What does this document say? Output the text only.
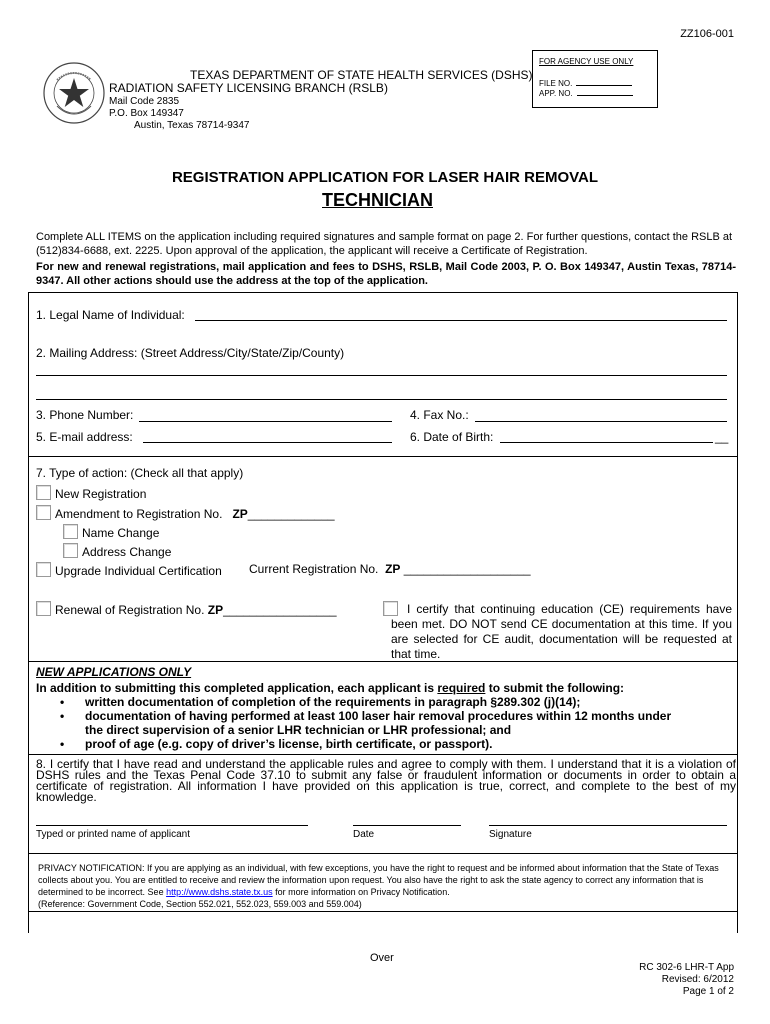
ZZ106-001
FOR AGENCY USE ONLY
FILE NO.
APP. NO.
TEXAS DEPARTMENT OF STATE HEALTH SERVICES (DSHS)
RADIATION SAFETY LICENSING BRANCH (RSLB)
Mail Code 2835
P.O. Box 149347
Austin, Texas 78714-9347
REGISTRATION APPLICATION FOR LASER HAIR REMOVAL
TECHNICIAN
Complete ALL ITEMS on the application including required signatures and sample format on page 2. For further questions, contact the RSLB at (512)834-6688, ext. 2225. Upon approval of the application, the applicant will receive a Certificate of Registration.
For new and renewal registrations, mail application and fees to DSHS, RSLB, Mail Code 2003, P. O. Box 149347, Austin Texas, 78714-9347. All other actions should use the address at the top of the application.
1. Legal Name of Individual:
2. Mailing Address: (Street Address/City/State/Zip/County)
3. Phone Number:	4. Fax No.:
5. E-mail address:	6. Date of Birth:	__
7. Type of action: (Check all that apply)
New Registration
Amendment to Registration No. ZP_____________
Name Change
Address Change
Upgrade Individual Certification Current Registration No. ZP ___________________
Renewal of Registration No. ZP_________________	I certify that continuing education (CE) requirements have been met. DO NOT send CE documentation at this time. If you are selected for CE audit, documentation will be requested at that time.
NEW APPLICATIONS ONLY
In addition to submitting this completed application, each applicant is required to submit the following:
• written documentation of completion of the requirements in paragraph §289.302 (j)(14);
• documentation of having performed at least 100 laser hair removal procedures within 12 months under
the direct supervision of a senior LHR technician or LHR professional; and
• proof of age (e.g. copy of driver’s license, birth certificate, or passport).
8. I certify that I have read and understand the applicable rules and agree to comply with them. I understand that it is a violation of DSHS rules and the Texas Penal Code 37.10 to submit any false or fraudulent information or documents in order to obtain a certificate of registration. All information I have provided on this application is true, correct, and complete to the best of my knowledge.
Typed or printed name of applicant	Date	Signature
PRIVACY NOTIFICATION: If you are applying as an individual, with few exceptions, you have the right to request and be informed about information that the State of Texas collects about you. You are entitled to receive and review the information upon request. You also have the right to ask the state agency to correct any information that is determined to be incorrect. See http://www.dshs.state.tx.us for more information on Privacy Notification.
(Reference: Government Code, Section 552.021, 552.023, 559.003 and 559.004)
Over
RC 302-6 LHR-T App
Revised: 6/2012
Page 1 of 2
